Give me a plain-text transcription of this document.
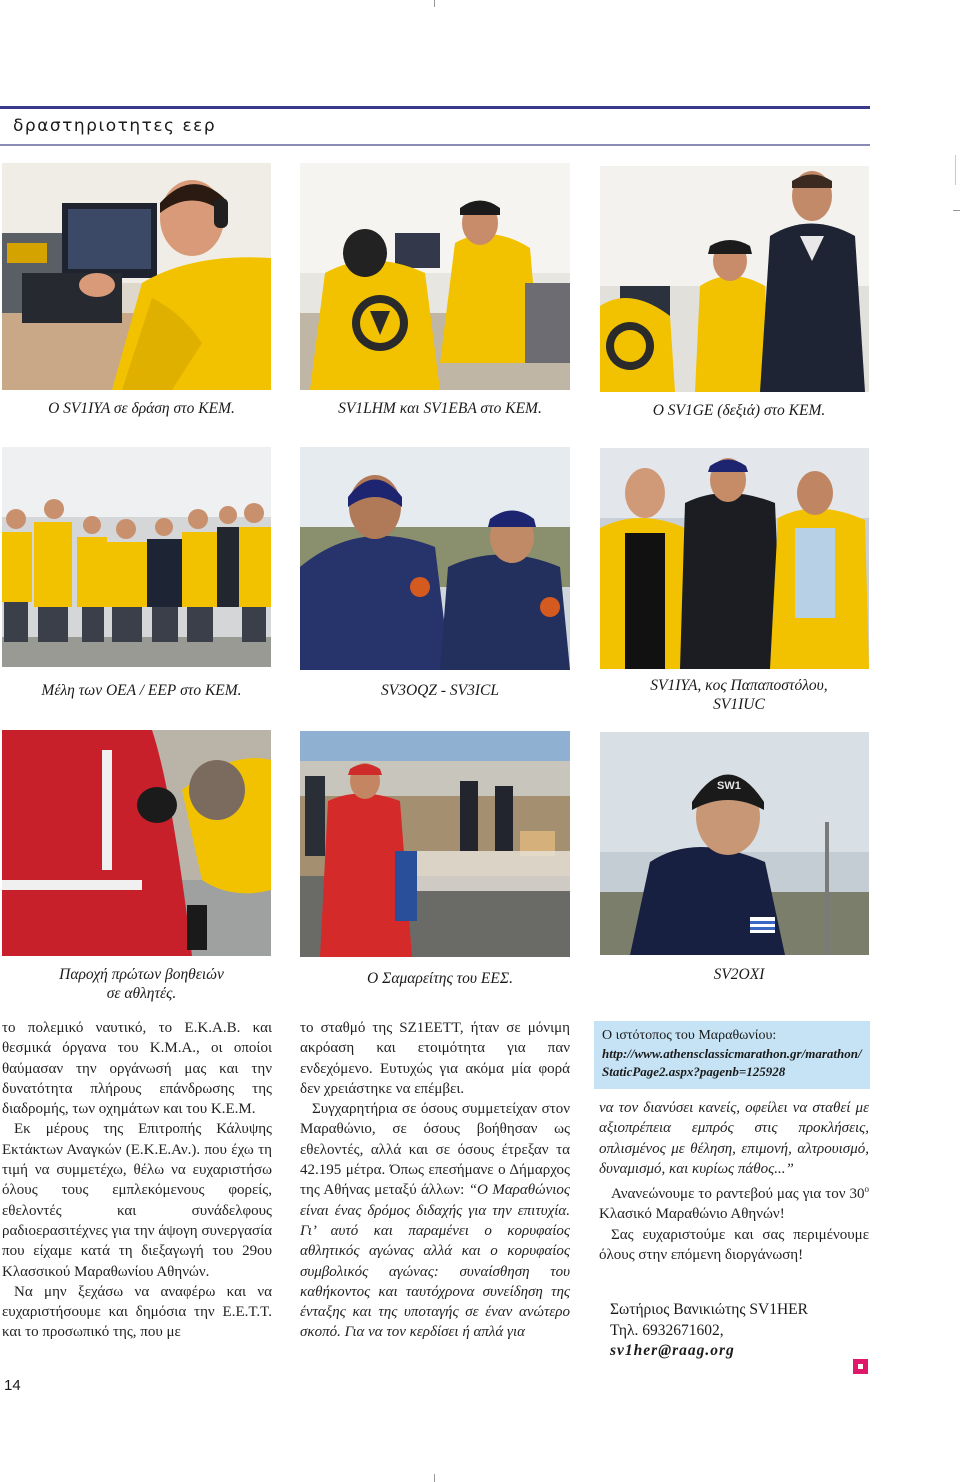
δραστηριοτητες εερ
Ο SV1IYA σε δράση στο ΚΕΜ.	SV1LHM και SV1EBA στο ΚΕΜ.	Ο SV1GE (δεξιά) στο ΚΕΜ.
Μέλη των ΟΕΑ / ΕΕΡ στο ΚΕΜ.	SV3OQZ - SV3ICL	SV1IYA, κος Παπαποστόλου,
SV1IUC
SW1
Παροχή πρώτων βοηθειών
σε αθλητές.
Ο Σαμαρείτης του ΕΕΣ.	SV2OXI

το πολεμικό ναυτικό, το Ε.Κ.Α.Β. και θεσμικά όργανα του Κ.Μ.Α., οι οποίοι θαύμασαν την οργάνωσή μας και την δυνατότητα πλήρους επάνδρωσης της διαδρομής, των οχημάτων και του Κ.Ε.Μ.

Εκ μέρους της Επιτροπής Κάλυψης Εκτάκτων Αναγκών (Ε.Κ.Ε.Αν.). που έχω τη τιμή να συμμετέχω, θέλω να ευχαριστήσω όλους τους εμπλεκόμενους φορείς, εθελοντές και συνάδελφους ραδιοερασιτέχνες για την άψογη συνεργασία που είχαμε κατά τη διεξαγωγή του 29ου Κλασσικού Μαραθωνίου Αθηνών.

Να μην ξεχάσω να αναφέρω και να ευχαριστήσουμε και δημόσια την Ε.Ε.Τ.Τ. και το προσωπικό της, που με

το σταθμό της SZ1EETT, ήταν σε μόνιμη ακρόαση και ετοιμότητα για παν ενδεχόμενο. Ευτυχώς για ακόμα μία φορά δεν χρειάστηκε να επέμβει.

Συγχαρητήρια σε όσους συμμετείχαν στον Μαραθώνιο, σε όσους βοήθησαν ως εθελοντές, αλλά και σε όσους έτρεξαν τα 42.195 μέτρα. Όπως επεσήμανε ο Δήμαρχος της Αθήνας μεταξύ άλλων: “Ο Μαραθώνιος είναι ένας δρόμος διδαχής για την επιτυχία. Γι’ αυτό και παραμένει ο κορυφαίος αθλητικός αγώνας αλλά και ο κορυφαίος συμβολικός αγώνας: συναίσθηση του καθήκοντος και ταυτόχρονα συνείδηση της ένταξης και της υποταγής σε έναν ανώτερο σκοπό. Για να τον κερδίσει ή απλά για

Ο ιστότοπος του Μαραθωνίου:
http://www.athensclassicmarathon.gr/marathon/StaticPage2.aspx?pagenb=125928

να τον διανύσει κανείς, οφείλει να σταθεί με αξιοπρέπεια εμπρός στις προκλήσεις, οπλισμένος με θέληση, επιμονή, αλτρουισμό, δυναμισμό, και κυρίως πάθος...”

Ανανεώνουμε το ραντεβού μας για τον $30^o$ Κλασικό Μαραθώνιο Αθηνών!

Σας ευχαριστούμε και σας περιμένουμε όλους στην επόμενη διοργάνωση!

Σωτήριος Βανικιώτης SV1HER
Τηλ. 6932671602,
sv1her@raag.org
14
